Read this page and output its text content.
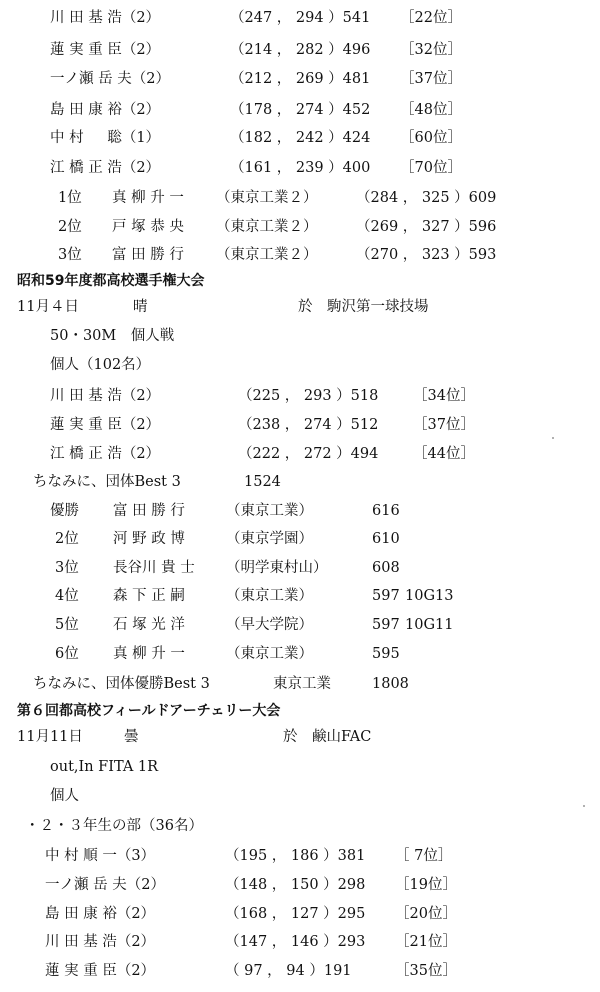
川 田 基 浩（2）	（247 ， 294 ）541 ［22位］
蓮 実 重 臣（2）	（214 ， 282 ）496 ［32位］
一ノ瀬 岳 夫（2）	（212 ， 269 ）481 ［37位］
島 田 康 裕（2）	（178 ， 274 ）452 ［48位］
中 村 　 聡（1）	（182 ， 242 ）424 ［60位］
江 橋 正 浩（2）	（161 ， 239 ）400 ［70位］
1位 真 柳 升 一 （東京工業２）	（284 ， 325 ）609
2位 戸 塚 恭 央 （東京工業２）	（269 ， 327 ）596
3位 富 田 勝 行 （東京工業２）	（270 ， 323 ）593
昭和59年度都高校選手権大会
11月４日	晴	於　駒沢第一球技場
50・30M　個人戦
個人（102名）
川 田 基 浩（2）	（225 ， 293 ）518 ［34位］
蓮 実 重 臣（2）	（238 ， 274 ）512 ［37位］
江 橋 正 浩（2）	（222 ， 272 ）494 ［44位］
ちなみに、団体Best 3	1524
優勝 富 田 勝 行	（東京工業）	616
2位 河 野 政 博	（東京学園）	610
3位 長谷川 貴 士 （明学東村山）	608
4位 森 下 正 嗣	（東京工業）	597 10G13
5位 石 塚 光 洋	（早大学院）	597 10G11
6位 真 柳 升 一	（東京工業）	595
ちなみに、団体優勝Best 3	東京工業	1808
第６回都高校フィールドアーチェリー大会
11月11日	曇	於　鹸山FAC
out,In FITA 1R
個人
・２・３年生の部（36名）
中 村 順 一（3）	（195 ， 186 ）381 ［ 7位］
一ノ瀬 岳 夫（2）	（148 ， 150 ）298 ［19位］
島 田 康 裕（2）	（168 ， 127 ）295 ［20位］
川 田 基 浩（2）	（147 ， 146 ）293 ［21位］
蓮 実 重 臣（2）	（ 97 ， 94 ）191	［35位］
